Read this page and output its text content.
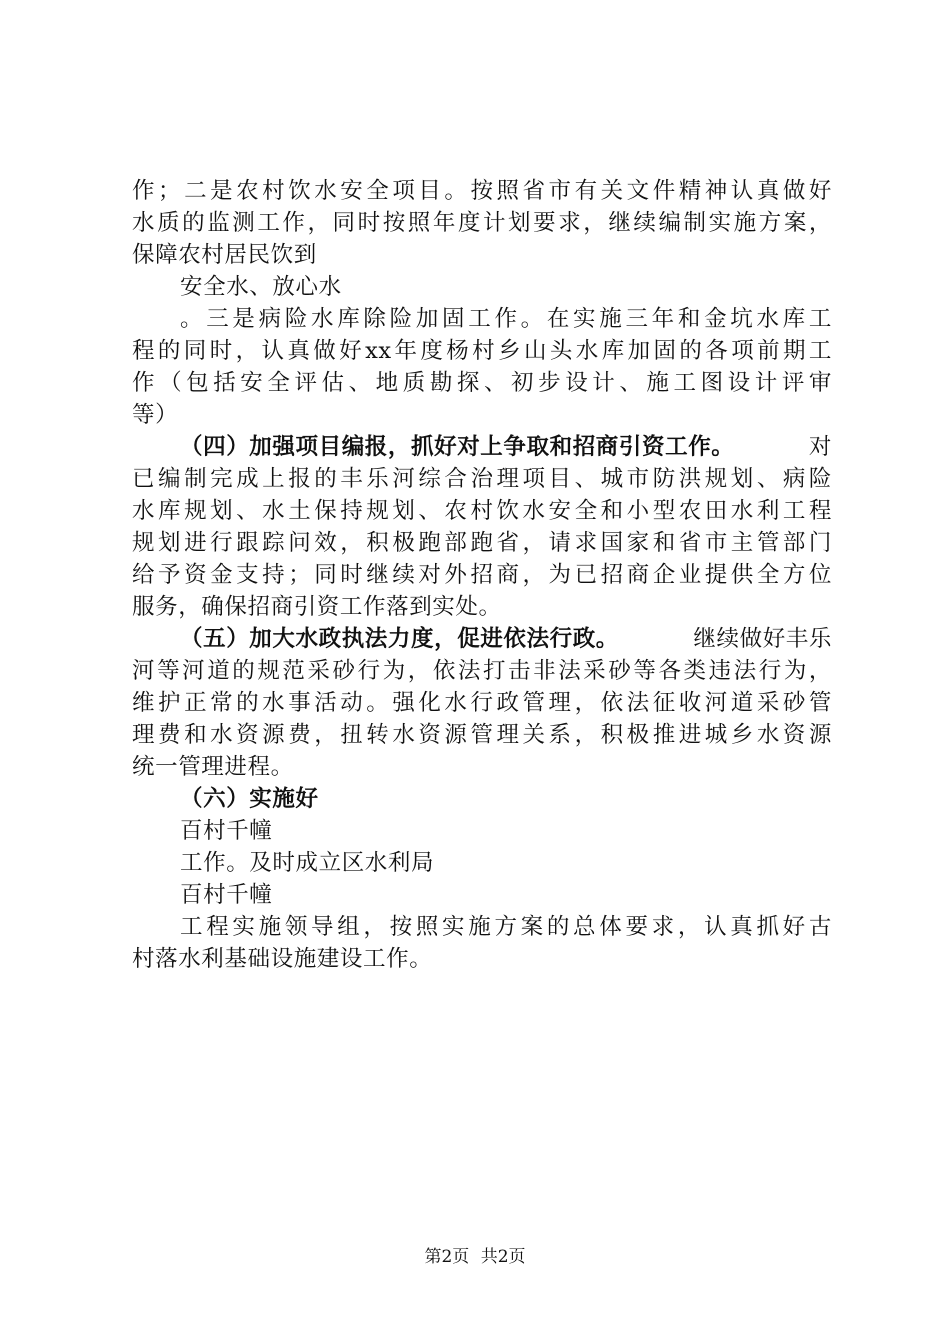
作；二是农村饮水安全项目。按照省市有关文件精神认真做好
水质的监测工作，同时按照年度计划要求，继续编制实施方案，
保障农村居民饮到
安全水、放心水
。三是病险水库除险加固工作。在实施三年和金坑水库工
程的同时，认真做好xx年度杨村乡山头水库加固的各项前期工
作（包括安全评估、地质勘探、初步设计、施工图设计评审
等）
（四）加强项目编报，抓好对上争取和招商引资工作。	对
已编制完成上报的丰乐河综合治理项目、城市防洪规划、病险
水库规划、水土保持规划、农村饮水安全和小型农田水利工程
规划进行跟踪问效，积极跑部跑省，请求国家和省市主管部门
给予资金支持；同时继续对外招商，为已招商企业提供全方位
服务，确保招商引资工作落到实处。
（五）加大水政执法力度，促进依法行政。	继续做好丰乐
河等河道的规范采砂行为，依法打击非法采砂等各类违法行为，
维护正常的水事活动。强化水行政管理，依法征收河道采砂管
理费和水资源费，扭转水资源管理关系，积极推进城乡水资源
统一管理进程。
（六）实施好
百村千幢
工作。及时成立区水利局
百村千幢
工程实施领导组，按照实施方案的总体要求，认真抓好古
村落水利基础设施建设工作。
第2页 共2页
